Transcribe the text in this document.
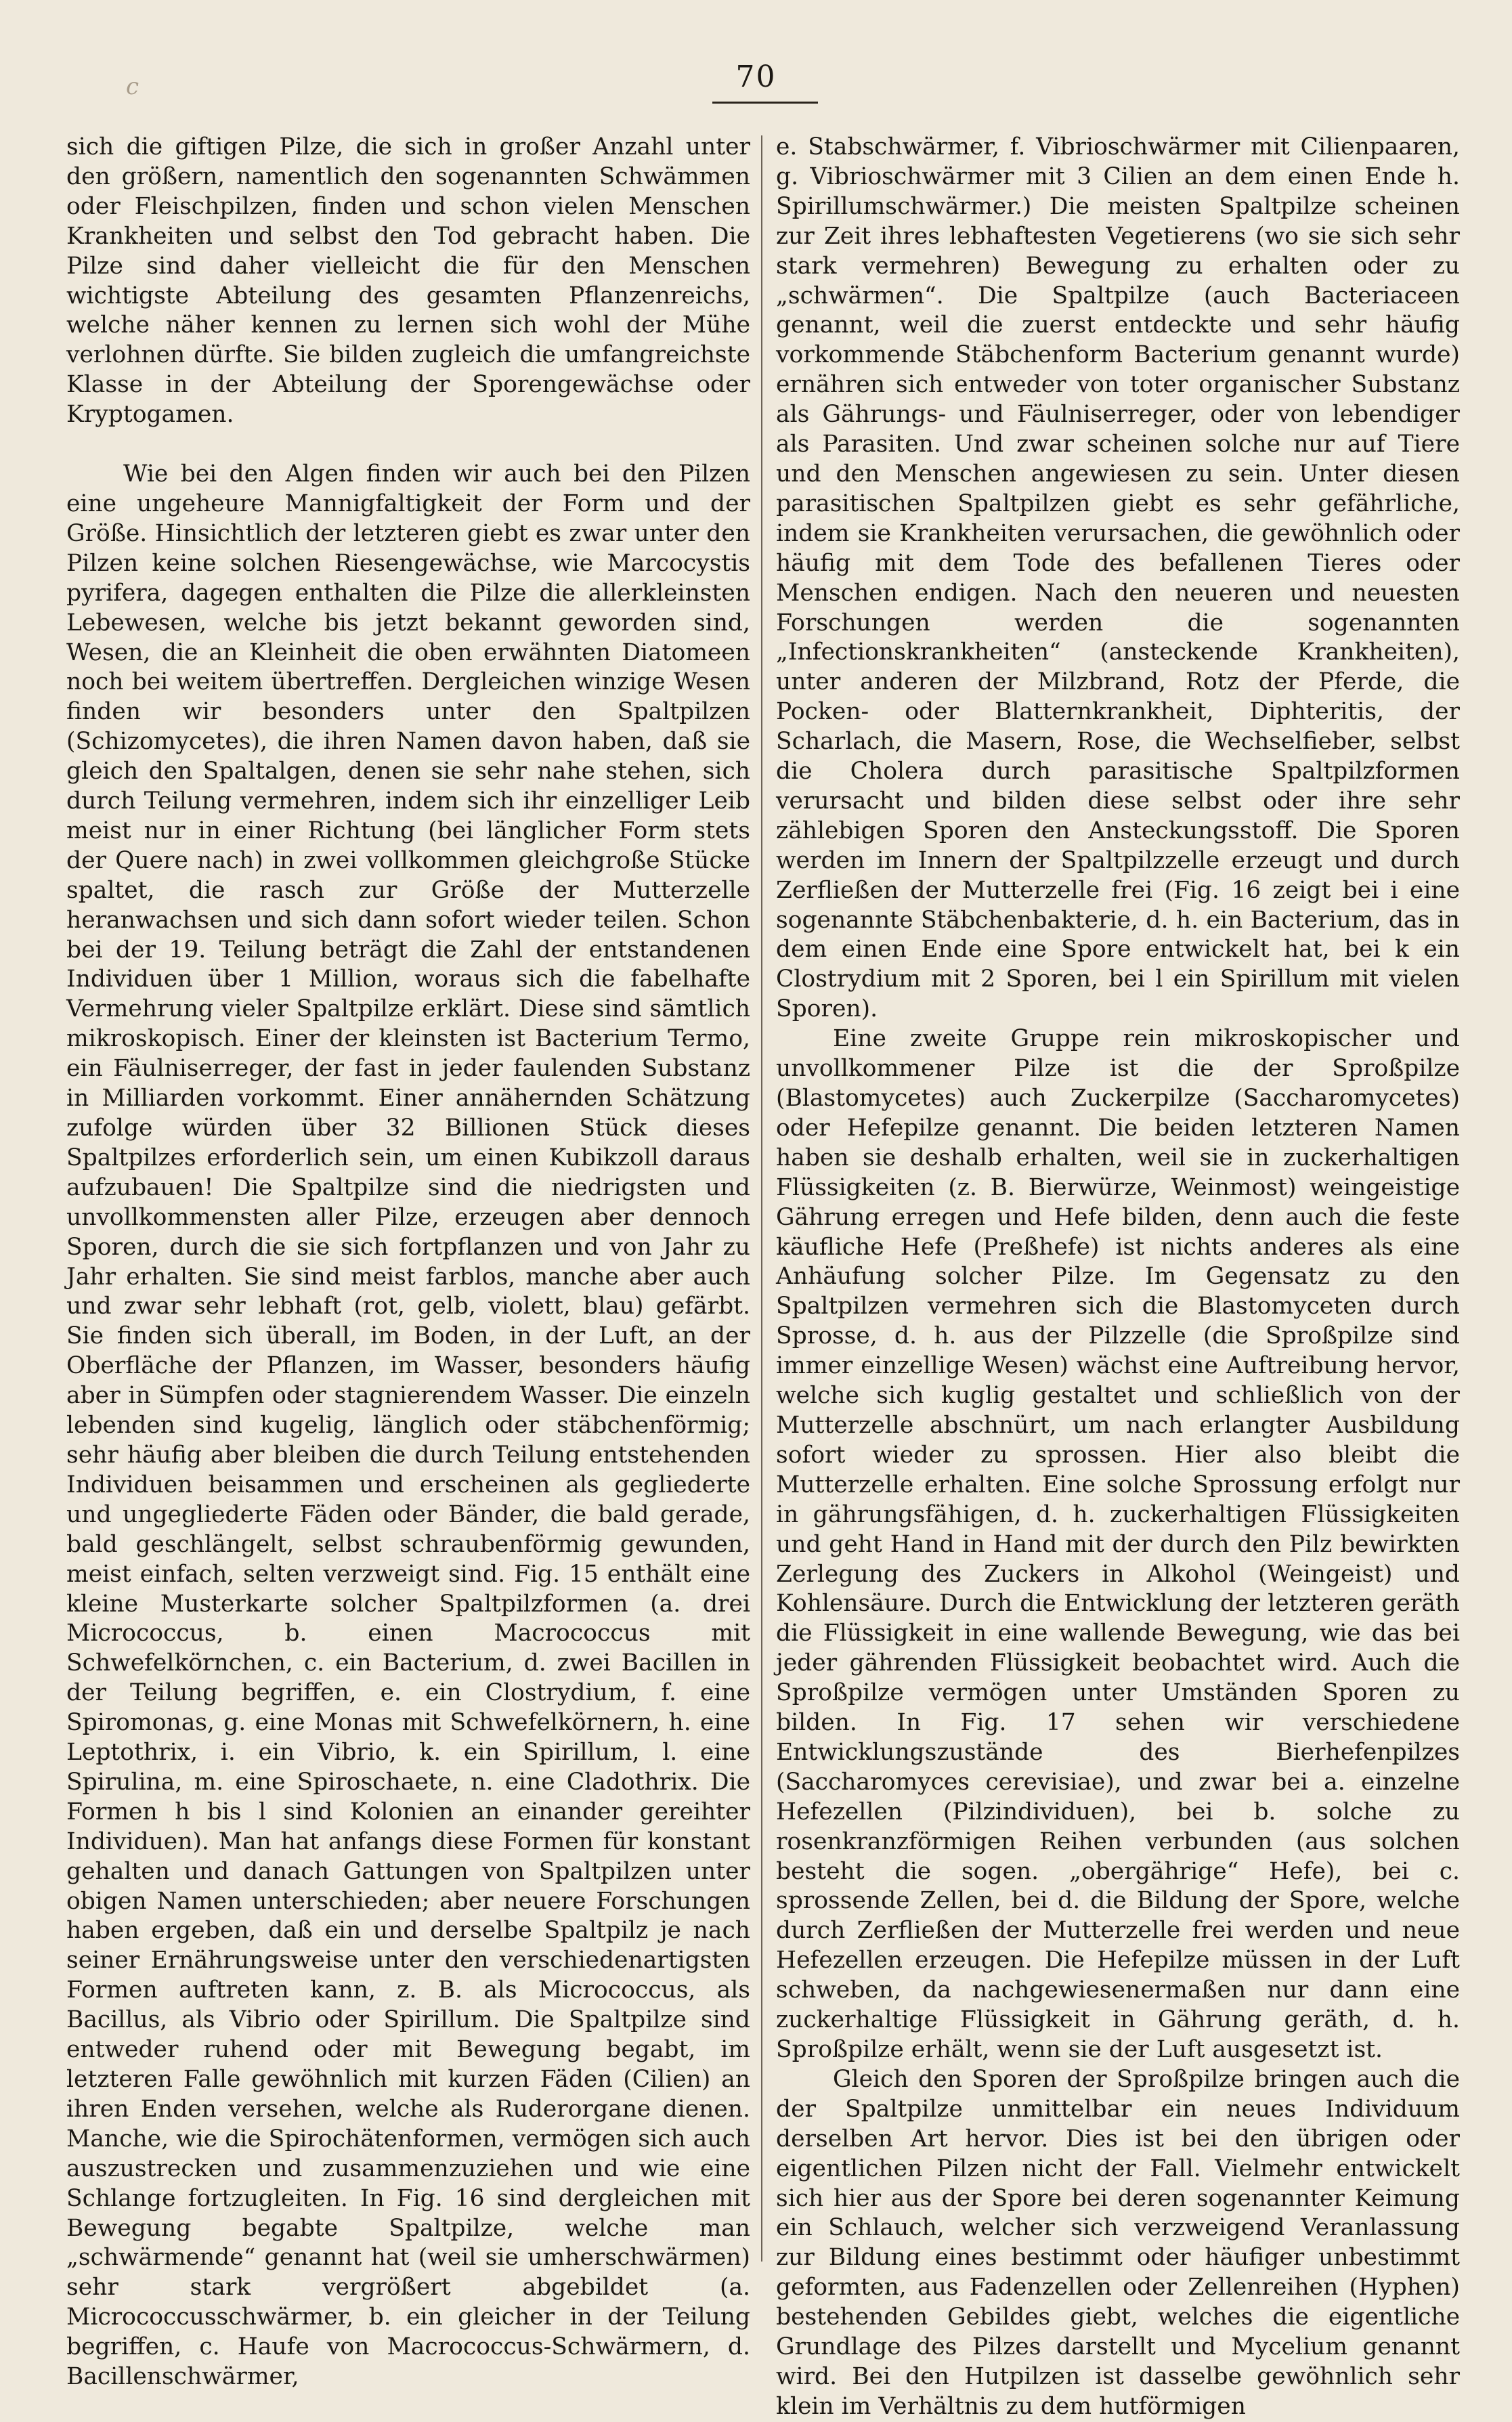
c	70

sich die giftigen Pilze, die sich in großer Anzahl unter den größern, namentlich den sogenannten Schwämmen oder Fleischpilzen, finden und schon vielen Menschen Krankheiten und selbst den Tod gebracht haben. Die Pilze sind daher vielleicht die für den Menschen wichtigste Abteilung des gesamten Pflanzenreichs, welche näher kennen zu lernen sich wohl der Mühe verlohnen dürfte. Sie bilden zugleich die umfangreichste Klasse in der Abteilung der Sporengewächse oder Kryptogamen.

Wie bei den Algen finden wir auch bei den Pilzen eine ungeheure Mannigfaltigkeit der Form und der Größe. Hinsichtlich der letzteren giebt es zwar unter den Pilzen keine solchen Riesengewächse, wie Marcocystis pyrifera, dagegen enthalten die Pilze die allerkleinsten Lebewesen, welche bis jetzt bekannt geworden sind, Wesen, die an Kleinheit die oben erwähnten Diatomeen noch bei weitem übertreffen. Dergleichen winzige Wesen finden wir besonders unter den Spaltpilzen (Schizomycetes), die ihren Namen davon haben, daß sie gleich den Spaltalgen, denen sie sehr nahe stehen, sich durch Teilung vermehren, indem sich ihr einzelliger Leib meist nur in einer Richtung (bei länglicher Form stets der Quere nach) in zwei vollkommen gleichgroße Stücke spaltet, die rasch zur Größe der Mutterzelle heranwachsen und sich dann sofort wieder teilen. Schon bei der 19. Teilung beträgt die Zahl der entstandenen Individuen über 1 Million, woraus sich die fabelhafte Vermehrung vieler Spaltpilze erklärt. Diese sind sämtlich mikroskopisch. Einer der kleinsten ist Bacterium Termo, ein Fäulniserreger, der fast in jeder faulenden Substanz in Milliarden vorkommt. Einer annähernden Schätzung zufolge würden über 32 Billionen Stück dieses Spaltpilzes erforderlich sein, um einen Kubikzoll daraus aufzubauen! Die Spaltpilze sind die niedrigsten und unvollkommensten aller Pilze, erzeugen aber dennoch Sporen, durch die sie sich fortpflanzen und von Jahr zu Jahr erhalten. Sie sind meist farblos, manche aber auch und zwar sehr lebhaft (rot, gelb, violett, blau) gefärbt. Sie finden sich überall, im Boden, in der Luft, an der Oberfläche der Pflanzen, im Wasser, besonders häufig aber in Sümpfen oder stagnierendem Wasser. Die einzeln lebenden sind kugelig, länglich oder stäbchenförmig; sehr häufig aber bleiben die durch Teilung entstehenden Individuen beisammen und erscheinen als gegliederte und ungegliederte Fäden oder Bänder, die bald gerade, bald geschlängelt, selbst schraubenförmig gewunden, meist einfach, selten verzweigt sind. Fig. 15 enthält eine kleine Musterkarte solcher Spaltpilzformen (a. drei Micrococcus, b. einen Macrococcus mit Schwefelkörnchen, c. ein Bacterium, d. zwei Bacillen in der Teilung begriffen, e. ein Clostrydium, f. eine Spiromonas, g. eine Monas mit Schwefelkörnern, h. eine Leptothrix, i. ein Vibrio, k. ein Spirillum, l. eine Spirulina, m. eine Spiroschaete, n. eine Cladothrix. Die Formen h bis l sind Kolonien an einander gereihter Individuen). Man hat anfangs diese Formen für konstant gehalten und danach Gattungen von Spaltpilzen unter obigen Namen unterschieden; aber neuere Forschungen haben ergeben, daß ein und derselbe Spaltpilz je nach seiner Ernährungsweise unter den verschiedenartigsten Formen auftreten kann, z. B. als Micrococcus, als Bacillus, als Vibrio oder Spirillum. Die Spaltpilze sind entweder ruhend oder mit Bewegung begabt, im letzteren Falle gewöhnlich mit kurzen Fäden (Cilien) an ihren Enden versehen, welche als Ruderorgane dienen. Manche, wie die Spirochätenformen, vermögen sich auch auszustrecken und zusammenzuziehen und wie eine Schlange fortzugleiten. In Fig. 16 sind dergleichen mit Bewegung begabte Spaltpilze, welche man „schwärmende“ genannt hat (weil sie umherschwärmen) sehr stark vergrößert abgebildet (a. Micrococcusschwärmer, b. ein gleicher in der Teilung begriffen, c. Haufe von Macrococcus-Schwärmern, d. Bacillenschwärmer,

e. Stabschwärmer, f. Vibrioschwärmer mit Cilienpaaren, g. Vibrioschwärmer mit 3 Cilien an dem einen Ende h. Spirillumschwärmer.) Die meisten Spaltpilze scheinen zur Zeit ihres lebhaftesten Vegetierens (wo sie sich sehr stark vermehren) Bewegung zu erhalten oder zu „schwärmen“. Die Spaltpilze (auch Bacteriaceen genannt, weil die zuerst entdeckte und sehr häufig vorkommende Stäbchenform Bacterium genannt wurde) ernähren sich entweder von toter organischer Substanz als Gährungs- und Fäulniserreger, oder von lebendiger als Parasiten. Und zwar scheinen solche nur auf Tiere und den Menschen angewiesen zu sein. Unter diesen parasitischen Spaltpilzen giebt es sehr gefährliche, indem sie Krankheiten verursachen, die gewöhnlich oder häufig mit dem Tode des befallenen Tieres oder Menschen endigen. Nach den neueren und neuesten Forschungen werden die sogenannten „Infectionskrankheiten“ (ansteckende Krankheiten), unter anderen der Milzbrand, Rotz der Pferde, die Pocken- oder Blatternkrankheit, Diphteritis, der Scharlach, die Masern, Rose, die Wechselfieber, selbst die Cholera durch parasitische Spaltpilzformen verursacht und bilden diese selbst oder ihre sehr zählebigen Sporen den Ansteckungsstoff. Die Sporen werden im Innern der Spaltpilzzelle erzeugt und durch Zerfließen der Mutterzelle frei (Fig. 16 zeigt bei i eine sogenannte Stäbchenbakterie, d. h. ein Bacterium, das in dem einen Ende eine Spore entwickelt hat, bei k ein Clostrydium mit 2 Sporen, bei l ein Spirillum mit vielen Sporen).

Eine zweite Gruppe rein mikroskopischer und unvollkommener Pilze ist die der Sproßpilze (Blastomycetes) auch Zuckerpilze (Saccharomycetes) oder Hefepilze genannt. Die beiden letzteren Namen haben sie deshalb erhalten, weil sie in zuckerhaltigen Flüssigkeiten (z. B. Bierwürze, Weinmost) weingeistige Gährung erregen und Hefe bilden, denn auch die feste käufliche Hefe (Preßhefe) ist nichts anderes als eine Anhäufung solcher Pilze. Im Gegensatz zu den Spaltpilzen vermehren sich die Blastomyceten durch Sprosse, d. h. aus der Pilzzelle (die Sproßpilze sind immer einzellige Wesen) wächst eine Auftreibung hervor, welche sich kuglig gestaltet und schließlich von der Mutterzelle abschnürt, um nach erlangter Ausbildung sofort wieder zu sprossen. Hier also bleibt die Mutterzelle erhalten. Eine solche Sprossung erfolgt nur in gährungsfähigen, d. h. zuckerhaltigen Flüssigkeiten und geht Hand in Hand mit der durch den Pilz bewirkten Zerlegung des Zuckers in Alkohol (Weingeist) und Kohlensäure. Durch die Entwicklung der letzteren geräth die Flüssigkeit in eine wallende Bewegung, wie das bei jeder gährenden Flüssigkeit beobachtet wird. Auch die Sproßpilze vermögen unter Umständen Sporen zu bilden. In Fig. 17 sehen wir verschiedene Entwicklungszustände des Bierhefenpilzes (Saccharomyces cerevisiae), und zwar bei a. einzelne Hefezellen (Pilzindividuen), bei b. solche zu rosenkranzförmigen Reihen verbunden (aus solchen besteht die sogen. „obergährige“ Hefe), bei c. sprossende Zellen, bei d. die Bildung der Spore, welche durch Zerfließen der Mutterzelle frei werden und neue Hefezellen erzeugen. Die Hefepilze müssen in der Luft schweben, da nachgewiesenermaßen nur dann eine zuckerhaltige Flüssigkeit in Gährung geräth, d. h. Sproßpilze erhält, wenn sie der Luft ausgesetzt ist.

Gleich den Sporen der Sproßpilze bringen auch die der Spaltpilze unmittelbar ein neues Individuum derselben Art hervor. Dies ist bei den übrigen oder eigentlichen Pilzen nicht der Fall. Vielmehr entwickelt sich hier aus der Spore bei deren sogenannter Keimung ein Schlauch, welcher sich verzweigend Veranlassung zur Bildung eines bestimmt oder häufiger unbestimmt geformten, aus Fadenzellen oder Zellenreihen (Hyphen) bestehenden Gebildes giebt, welches die eigentliche Grundlage des Pilzes darstellt und Mycelium genannt wird. Bei den Hutpilzen ist dasselbe gewöhnlich sehr klein im Verhältnis zu dem hutförmigen
